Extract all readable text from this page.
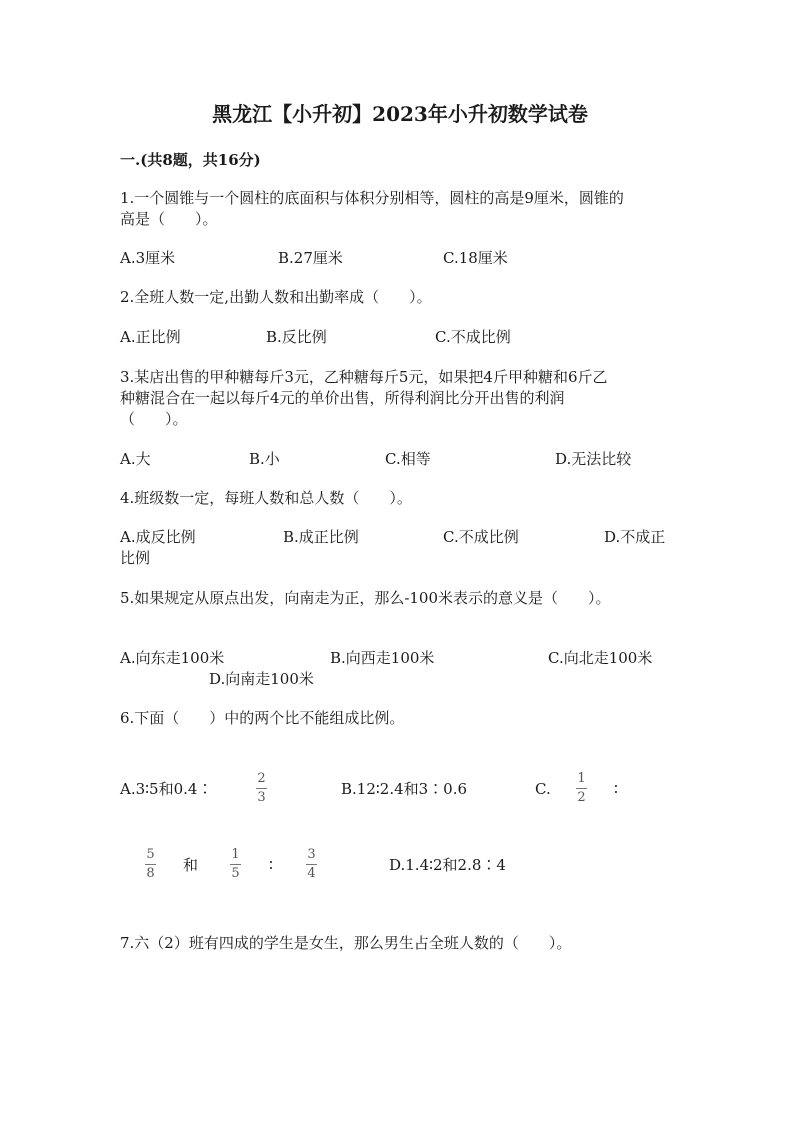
黑龙江【小升初】2023年小升初数学试卷
一.(共8题，共16分)
1.一个圆锥与一个圆柱的底面积与体积分别相等，圆柱的高是9厘米，圆锥的
高是（　　）。
A.3厘米	B.27厘米	C.18厘米
2.全班人数一定,出勤人数和出勤率成（　　）。
A.正比例	B.反比例	C.不成比例
3.某店出售的甲种糖每斤3元，乙种糖每斤5元，如果把4斤甲种糖和6斤乙
种糖混合在一起以每斤4元的单价出售，所得利润比分开出售的利润
（　　）。
A.大	B.小	C.相等	D.无法比较
4.班级数一定，每班人数和总人数（　　）。
A.成反比例	B.成正比例	C.不成比例	D.不成正
比例
5.如果规定从原点出发，向南走为正，那么-100米表示的意义是（　　）。
A.向东走100米	B.向西走100米	C.向北走100米
D.向南走100米
6.下面（　　）中的两个比不能组成比例。
A.3∶5和0.4∶
2
3	B.12∶2.4和3∶0.6	C.
1
2 ∶
5
8 和
1
5 ∶
3
4	D.1.4∶2和2.8∶4
7.六（2）班有四成的学生是女生，那么男生占全班人数的（　　）。
